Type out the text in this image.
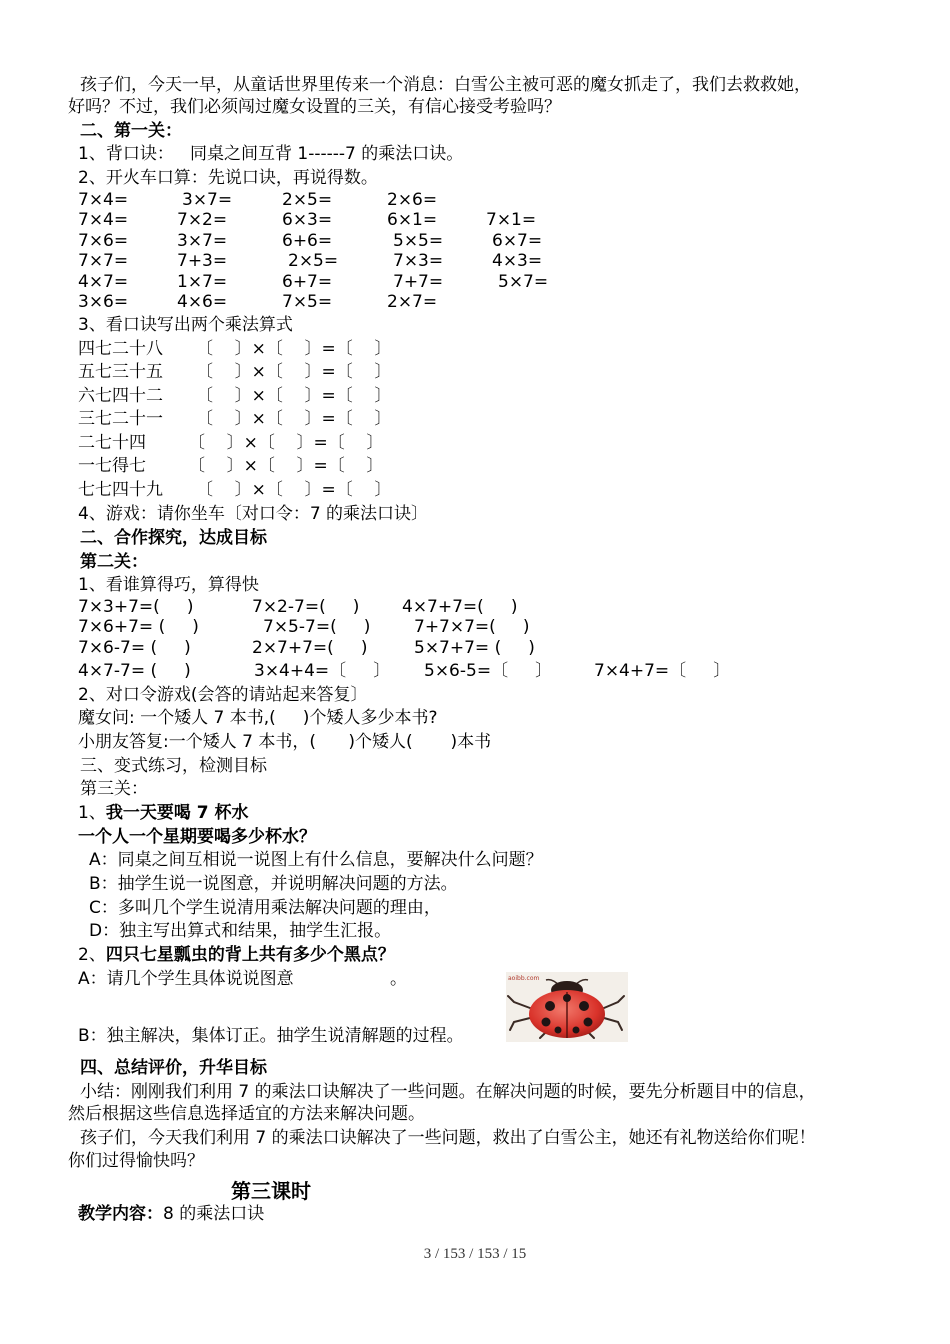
孩子们，今天一早，从童话世界里传来一个消息：白雪公主被可恶的魔女抓走了，我们去救救她，
好吗？不过，我们必须闯过魔女设置的三关，有信心接受考验吗？
二、第一关：
1、背口诀：   同桌之间互背 1------7 的乘法口诀。
2、开火车口算：先说口诀，再说得数。
7×4=	3×7=	2×5=	2×6=
7×4=	7×2=	6×3=	6×1=	7×1=
7×6=	3×7=	6+6=	5×5=	6×7=
7×7=	7+3=	2×5=	7×3=	4×3=
4×7=	1×7=	6+7=	7+7=	5×7=
3×6=	4×6=	7×5=	2×7=
3、看口诀写出两个乘法算式
四七二十八 〔    〕×〔    〕=〔    〕
五七三十五 〔    〕×〔    〕=〔    〕
六七四十二 〔    〕×〔    〕=〔    〕
三七二十一 〔    〕×〔    〕=〔    〕
二七十四 〔    〕×〔    〕=〔    〕
一七得七 〔    〕×〔    〕=〔    〕
七七四十九 〔    〕×〔    〕=〔    〕
4、游戏：请你坐车〔对口令：7 的乘法口诀〕
二、合作探究，达成目标
第二关：
1、看谁算得巧，算得快
7×3+7=(     )	7×2-7=(     )	4×7+7=(     )
7×6+7= (     )	7×5-7=(     )	7+7×7=(     )
7×6-7= (     )	2×7+7=(     )	5×7+7= (     )
4×7-7= (     )	3×4+4=〔     〕 5×6-5=〔     〕 7×4+7=〔     〕
2、对口令游戏(会答的请站起来答复〕
魔女问: 一个矮人 7 本书,(     )个矮人多少本书?
小朋友答复:一个矮人 7 本书，(      )个矮人(       )本书
三、变式练习，检测目标
第三关：
1、我一天要喝 7 杯水
一个人一个星期要喝多少杯水？
A：同桌之间互相说一说图上有什么信息，要解决什么问题？
B：抽学生说一说图意，并说明解决问题的方法。
C：多叫几个学生说清用乘法解决问题的理由，
D：独主写出算式和结果，抽学生汇报。
2、四只七星瓢虫的背上共有多少个黑点？
A：请几个学生具体说说图意	。	aoibb.com
B：独主解决，集体订正。抽学生说清解题的过程。
四、总结评价，升华目标
小结：刚刚我们利用 7 的乘法口诀解决了一些问题。在解决问题的时候，要先分析题目中的信息，
然后根据这些信息选择适宜的方法来解决问题。
孩子们，今天我们利用 7 的乘法口诀解决了一些问题，救出了白雪公主，她还有礼物送给你们呢！
你们过得愉快吗？
第三课时
教学内容：8 的乘法口诀
3 / 153 / 153 / 15
